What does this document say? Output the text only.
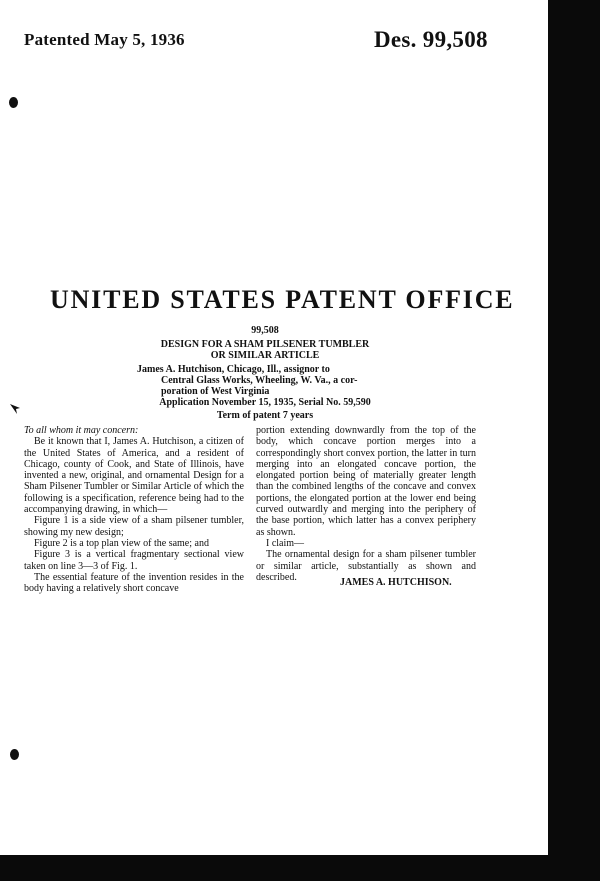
Patented May 5, 1936	Des. 99,508
UNITED STATES PATENT OFFICE
99,508
DESIGN FOR A SHAM PILSENER TUMBLER
OR SIMILAR ARTICLE
James A. Hutchison, Chicago, Ill., assignor to
Central Glass Works, Wheeling, W. Va., a cor-
poration of West Virginia
Application November 15, 1935, Serial No. 59,590
Term of patent 7 years

To all whom it may concern:

Be it known that I, James A. Hutchison, a citizen of the United States of America, and a resident of Chicago, county of Cook, and State of Illinois, have invented a new, original, and ornamental Design for a Sham Pilsener Tumbler or Similar Article of which the following is a specification, reference being had to the accompanying drawing, in which—

Figure 1 is a side view of a sham pilsener tumbler, showing my new design;

Figure 2 is a top plan view of the same; and

Figure 3 is a vertical fragmentary sectional view taken on line 3—3 of Fig. 1.

The essential feature of the invention resides in the body having a relatively short concave

portion extending downwardly from the top of the body, which concave portion merges into a correspondingly short convex portion, the latter in turn merging into an elongated concave portion, the elongated portion being of materially greater length than the combined lengths of the concave and convex portions, the elongated portion at the lower end being curved outwardly and merging into the periphery of the base portion, which latter has a convex periphery as shown.

I claim—

The ornamental design for a sham pilsener tumbler or similar article, substantially as shown and described.	JAMES A. HUTCHISON.
